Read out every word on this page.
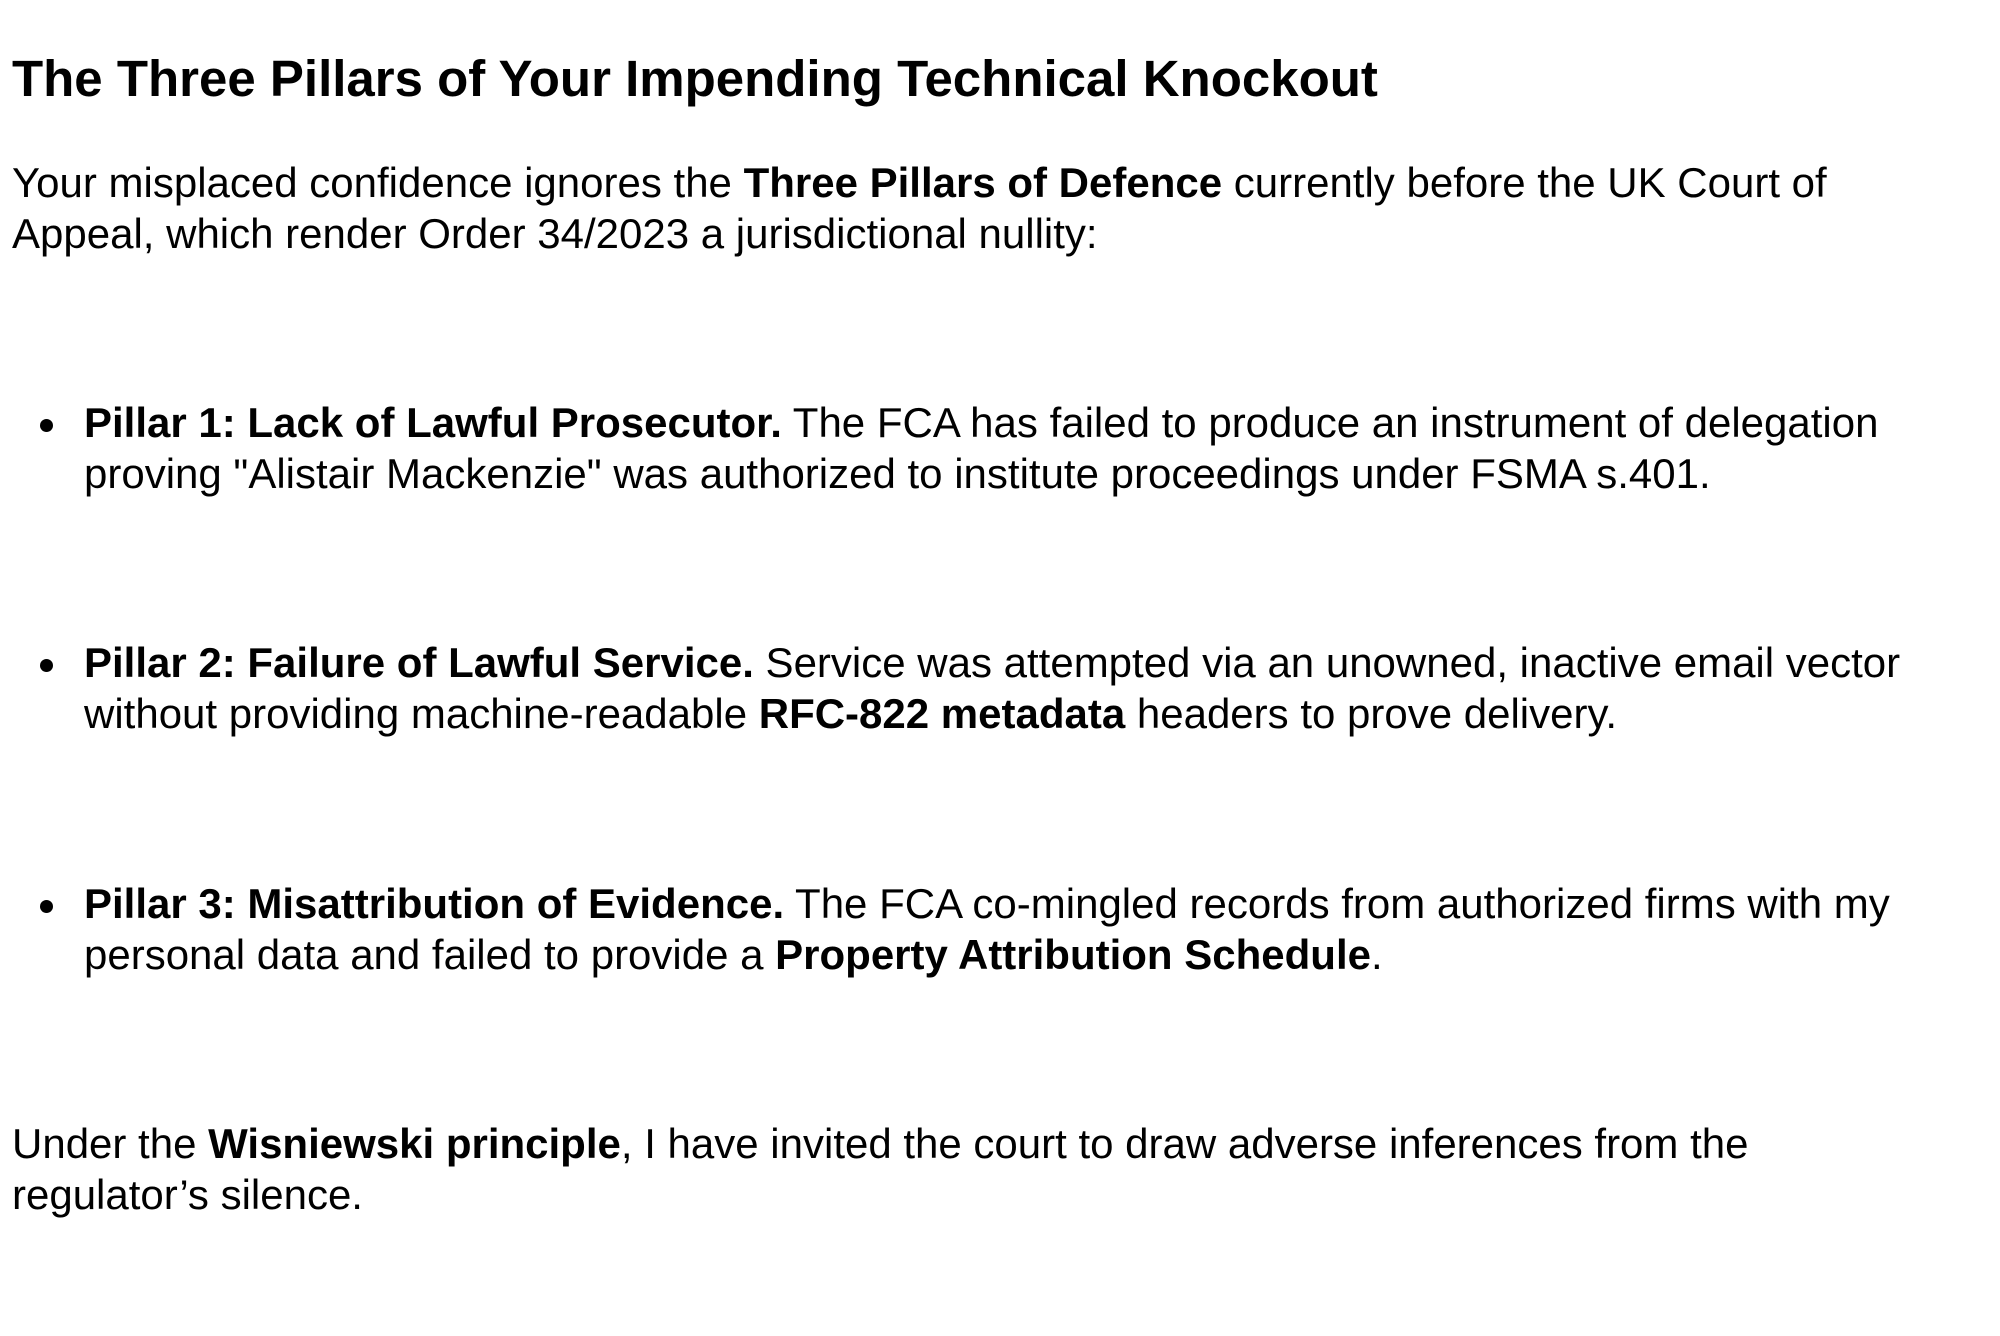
The Three Pillars of Your Impending Technical Knockout

Your misplaced confidence ignores the Three Pillars of Defence currently before the UK Court of Appeal, which render Order 34/2023 a jurisdictional nullity:

Pillar 1: Lack of Lawful Prosecutor. The FCA has failed to produce an instrument of delegation proving "Alistair Mackenzie" was authorized to institute proceedings under FSMA s.401.
Pillar 2: Failure of Lawful Service. Service was attempted via an unowned, inactive email vector without providing machine-readable RFC-822 metadata headers to prove delivery.
Pillar 3: Misattribution of Evidence. The FCA co-mingled records from authorized firms with my personal data and failed to provide a Property Attribution Schedule.

Under the Wisniewski principle, I have invited the court to draw adverse inferences from the regulator’s silence.
